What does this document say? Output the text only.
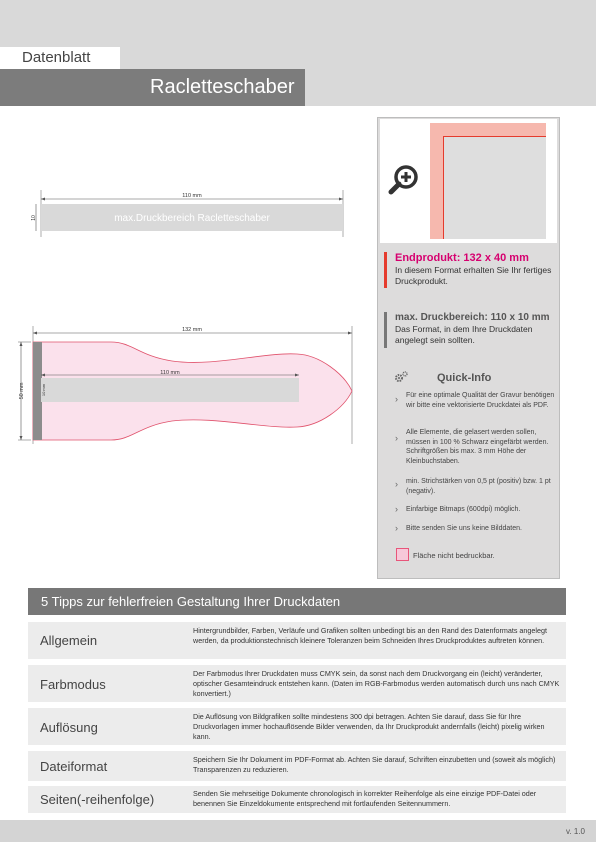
Datenblatt
Racletteschaber
110 mm
10	max.Druckbereich Racletteschaber
132 mm
50 mm
110 mm
10 mm
Endprodukt: 132 x 40 mm
In diesem Format erhalten Sie Ihr fertiges Druckprodukt.
max. Druckbereich: 110 x 10 mm
Das Format, in dem Ihre Druckdaten angelegt sein sollten.
Quick-Info
› Für eine optimale Qualität der Gravur benötigen wir bitte eine vektorisierte Druckdatei als PDF.
›
Alle Elemente, die gelasert werden sollen, müssen in 100 % Schwarz eingefärbt werden. Schriftgrößen bis max. 3 mm Höhe der Kleinbuchstaben.
› min. Strichstärken von 0,5 pt (positiv) bzw. 1 pt (negativ).
› Einfarbige Bitmaps (600dpi) möglich.
› Bitte senden Sie uns keine Bilddaten.
Fläche nicht bedruckbar.
5 Tipps zur fehlerfreien Gestaltung Ihrer Druckdaten
Allgemein
Hintergrundbilder, Farben, Verläufe und Grafiken sollten unbedingt bis an den Rand des Datenformats angelegt werden, da produktionstechnisch kleinere Toleranzen beim Schneiden Ihres Druckproduktes auftreten können.
Farbmodus
Der Farbmodus Ihrer Druckdaten muss CMYK sein, da sonst nach dem Druckvorgang ein (leicht) veränderter, optischer Gesamteindruck entstehen kann. (Daten im RGB-Farbmodus werden automatisch durch uns nach CMYK konvertiert.)
Auflösung
Die Auflösung von Bildgrafiken sollte mindestens 300 dpi betragen. Achten Sie darauf, dass Sie für Ihre Druckvorlagen immer hochauflösende Bilder verwenden, da Ihr Druckprodukt andernfalls (leicht) pixelig wirken kann.
Dateiformat	Speichern Sie Ihr Dokument im PDF-Format ab. Achten Sie darauf, Schriften einzubetten und (soweit als möglich) Transparenzen zu reduzieren.
Seiten(-reihenfolge)	Senden Sie mehrseitige Dokumente chronologisch in korrekter Reihenfolge als eine einzige PDF-Datei oder benennen Sie Einzeldokumente entsprechend mit fortlaufenden Seitennummern.
v. 1.0
